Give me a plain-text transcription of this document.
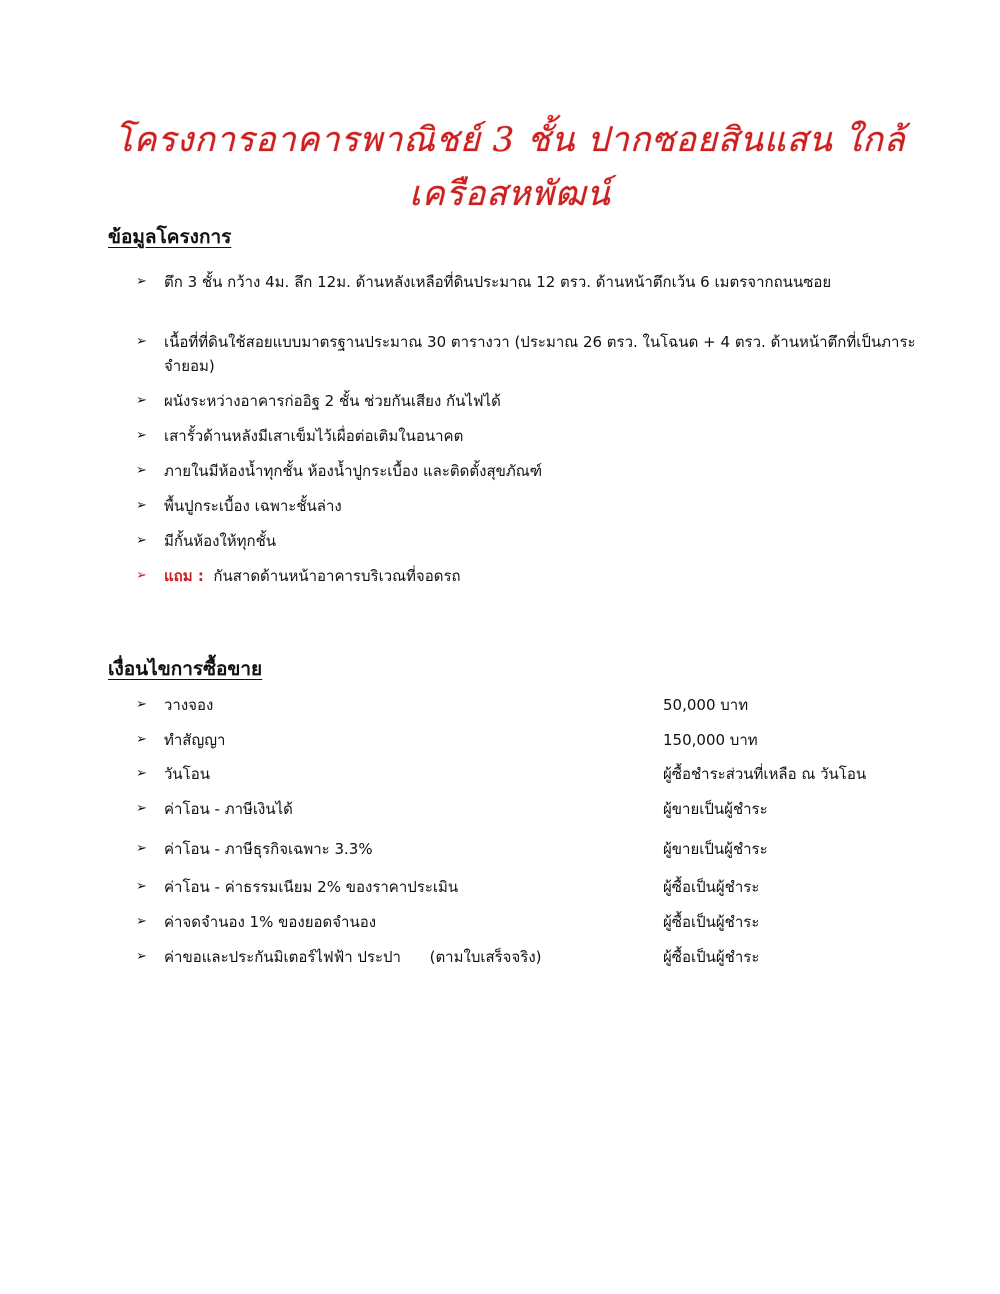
โครงการอาคารพาณิชย์ 3 ชั้น ปากซอยสินแสน ใกล้เครือสหพัฒน์
ข้อมูลโครงการ
➢	ตึก 3 ชั้น กว้าง 4ม. ลึก 12ม. ด้านหลังเหลือที่ดินประมาณ 12 ตรว. ด้านหน้าตึกเว้น 6 เมตรจากถนนซอย
➢	เนื้อที่ที่ดินใช้สอยแบบมาตรฐานประมาณ 30 ตารางวา (ประมาณ 26 ตรว. ในโฉนด + 4 ตรว. ด้านหน้าตึกที่เป็นภาระจำยอม)
➢	ผนังระหว่างอาคารก่ออิฐ 2 ชั้น ช่วยกันเสียง กันไฟได้
➢	เสารั้วด้านหลังมีเสาเข็มไว้เผื่อต่อเติมในอนาคต
➢	ภายในมีห้องน้ำทุกชั้น ห้องน้ำปูกระเบื้อง และติดตั้งสุขภัณฑ์
➢	พื้นปูกระเบื้อง เฉพาะชั้นล่าง
➢	มีกั้นห้องให้ทุกชั้น
➢	แถม : กันสาดด้านหน้าอาคารบริเวณที่จอดรถ
เงื่อนไขการซื้อขาย
➢ วางจอง	50,000 บาท
➢ ทำสัญญา	150,000 บาท
➢ วันโอน	ผู้ซื้อชำระส่วนที่เหลือ ณ วันโอน
➢ ค่าโอน - ภาษีเงินได้	ผู้ขายเป็นผู้ชำระ
➢ ค่าโอน - ภาษีธุรกิจเฉพาะ 3.3%	ผู้ขายเป็นผู้ชำระ
➢ ค่าโอน - ค่าธรรมเนียม 2% ของราคาประเมิน	ผู้ซื้อเป็นผู้ชำระ
➢ ค่าจดจำนอง 1% ของยอดจำนอง	ผู้ซื้อเป็นผู้ชำระ
➢ ค่าขอและประกันมิเตอร์ไฟฟ้า ประปา      (ตามใบเสร็จจริง)	ผู้ซื้อเป็นผู้ชำระ
